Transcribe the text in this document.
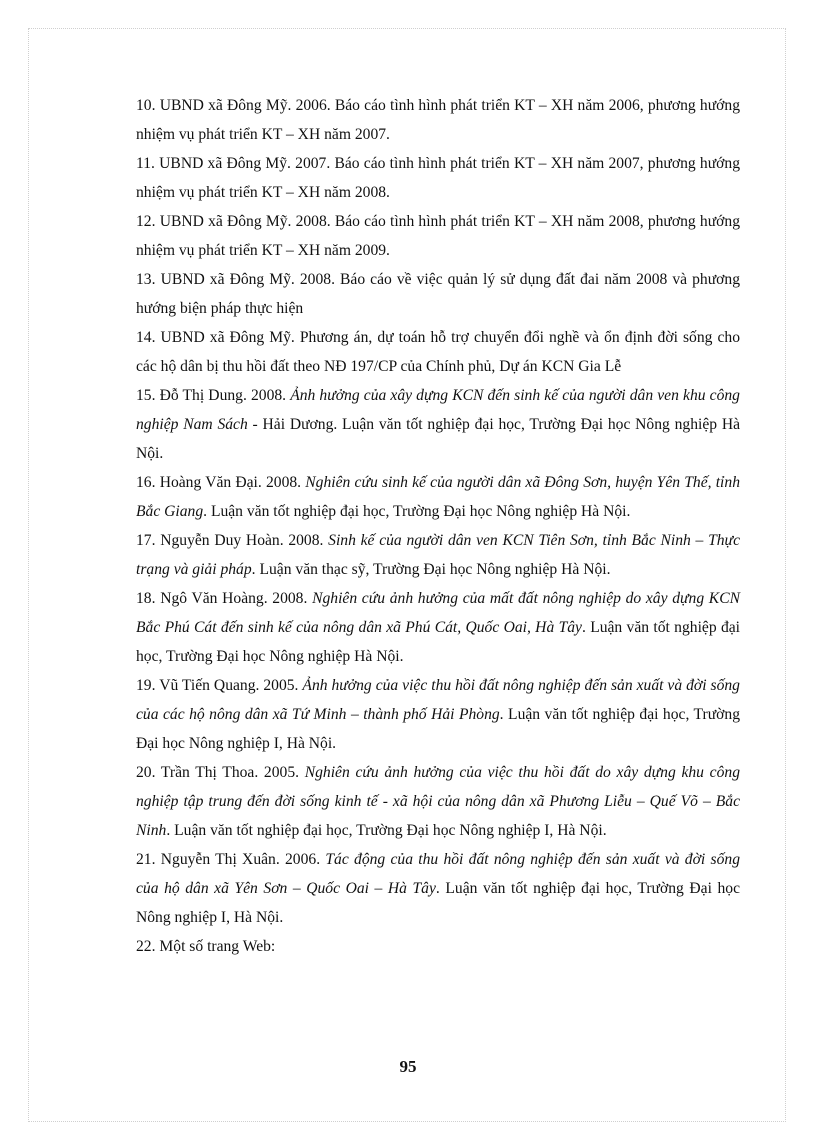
10. UBND xã Đông Mỹ. 2006. Báo cáo tình hình phát triển KT – XH năm 2006, phương hướng nhiệm vụ phát triển KT – XH năm 2007.

11. UBND xã Đông Mỹ. 2007. Báo cáo tình hình phát triển KT – XH năm 2007, phương hướng nhiệm vụ phát triển KT – XH năm 2008.

12. UBND xã Đông Mỹ. 2008. Báo cáo tình hình phát triển KT – XH năm 2008, phương hướng nhiệm vụ phát triển KT – XH năm 2009.

13. UBND xã Đông Mỹ. 2008. Báo cáo về việc quản lý sử dụng đất đai năm 2008 và phương hướng biện pháp thực hiện

14. UBND xã Đông Mỹ. Phương án, dự toán hỗ trợ chuyển đổi nghề và ổn định đời sống cho các hộ dân bị thu hồi đất theo NĐ 197/CP của Chính phủ, Dự án KCN Gia Lễ

15. Đỗ Thị Dung. 2008. Ảnh hưởng của xây dựng KCN đến sinh kế của người dân ven khu công nghiệp Nam Sách - Hải Dương. Luận văn tốt nghiệp đại học, Trường Đại học Nông nghiệp Hà Nội.

16. Hoàng Văn Đại. 2008. Nghiên cứu sinh kế của người dân xã Đông Sơn, huyện Yên Thế, tỉnh Bắc Giang. Luận văn tốt nghiệp đại học, Trường Đại học Nông nghiệp Hà Nội.

17. Nguyễn Duy Hoàn. 2008. Sinh kế của người dân ven KCN Tiên Sơn, tỉnh Bắc Ninh – Thực trạng và giải pháp. Luận văn thạc sỹ, Trường Đại học Nông nghiệp Hà Nội.

18. Ngô Văn Hoàng. 2008. Nghiên cứu ảnh hưởng của mất đất nông nghiệp do xây dựng KCN Bắc Phú Cát đến sinh kế của nông dân xã Phú Cát, Quốc Oai, Hà Tây. Luận văn tốt nghiệp đại học, Trường Đại học Nông nghiệp Hà Nội.

19. Vũ Tiến Quang. 2005. Ảnh hưởng của việc thu hồi đất nông nghiệp đến sản xuất và đời sống của các hộ nông dân xã Tứ Minh – thành phố Hải Phòng. Luận văn tốt nghiệp đại học, Trường Đại học Nông nghiệp I, Hà Nội.

20. Trần Thị Thoa. 2005. Nghiên cứu ảnh hưởng của việc thu hồi đất do xây dựng khu công nghiệp tập trung đến đời sống kinh tế - xã hội của nông dân xã Phương Liễu – Quế Võ – Bắc Ninh. Luận văn tốt nghiệp đại học, Trường Đại học Nông nghiệp I, Hà Nội.

21. Nguyễn Thị Xuân. 2006. Tác động của thu hồi đất nông nghiệp đến sản xuất và đời sống của hộ dân xã Yên Sơn – Quốc Oai – Hà Tây. Luận văn tốt nghiệp đại học, Trường Đại học Nông nghiệp I, Hà Nội.

22. Một số trang Web:

95
